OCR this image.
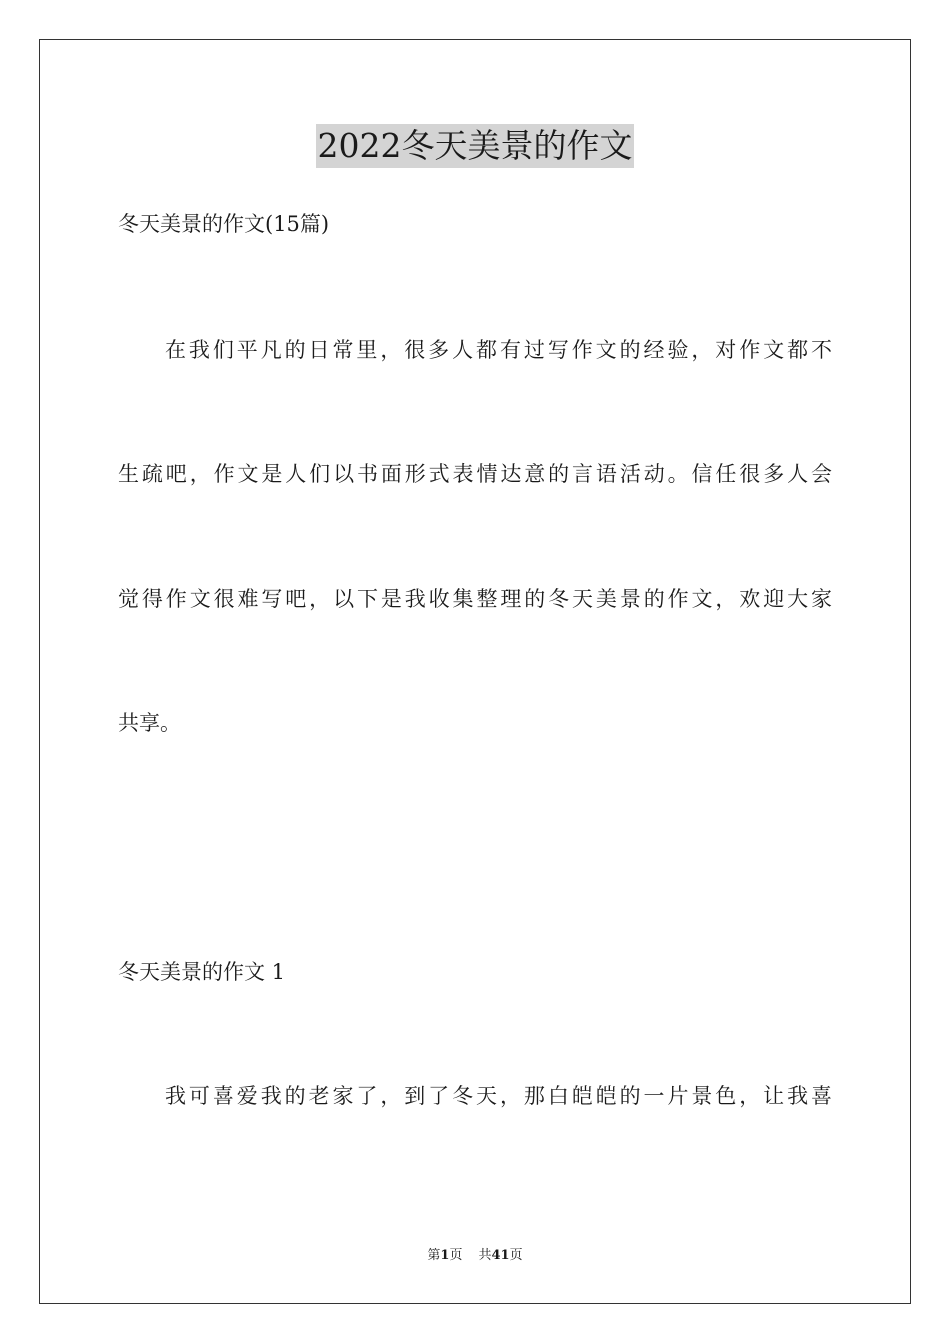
2022冬天美景的作文
冬天美景的作文(15篇)
在我们平凡的日常里，很多人都有过写作文的经验，对作文都不
生疏吧，作文是人们以书面形式表情达意的言语活动。信任很多人会
觉得作文很难写吧，以下是我收集整理的冬天美景的作文，欢迎大家
共享。
冬天美景的作文 1
我可喜爱我的老家了，到了冬天，那白皑皑的一片景色，让我喜
第1页 共41页
